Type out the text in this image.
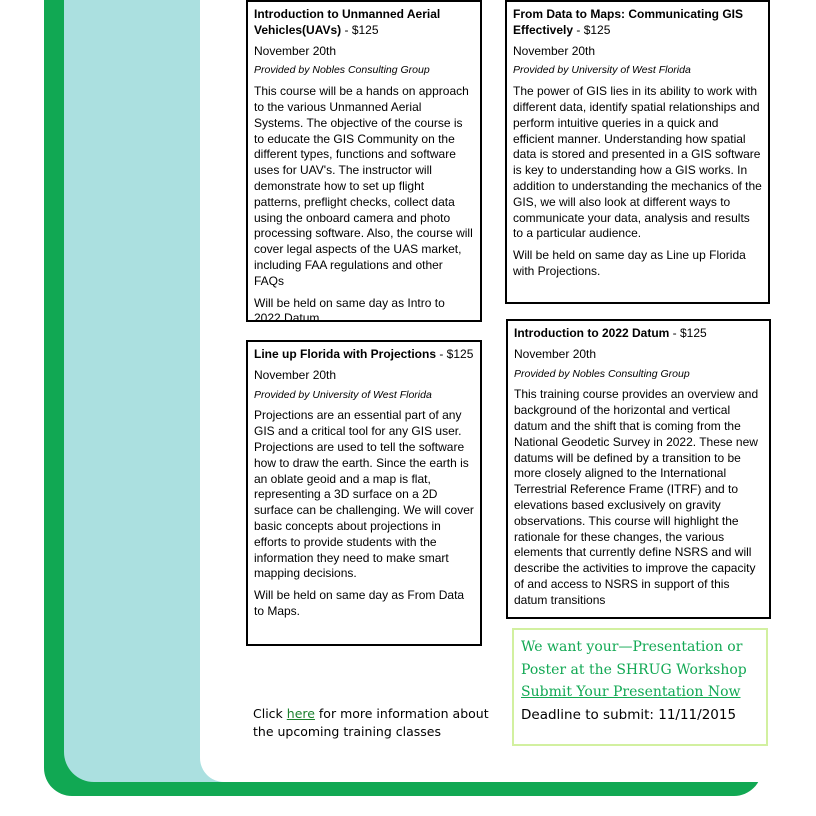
Introduction to Unmanned Aerial Vehicles(UAVs) - $125

November 20th

Provided by Nobles Consulting Group

This course will be a hands on approach to the various Unmanned Aerial Systems. The objective of the course is to educate the GIS Community on the different types, functions and software uses for UAV's. The instructor will demonstrate how to set up flight patterns, preflight checks, collect data using the onboard camera and photo processing software. Also, the course will cover legal aspects of the UAS market, including FAA regulations and other FAQs

Will be held on same day as Intro to 2022 Datum.

From Data to Maps: Communicating GIS Effectively - $125

November 20th

Provided by University of West Florida

The power of GIS lies in its ability to work with different data, identify spatial relationships and perform intuitive queries in a quick and efficient manner. Understanding how spatial data is stored and presented in a GIS software is key to understanding how a GIS works. In addition to understanding the mechanics of the GIS, we will also look at different ways to communicate your data, analysis and results to a particular audience.

Will be held on same day as Line up Florida with Projections.

Line up Florida with Projections - $125

November 20th

Provided by University of West Florida

Projections are an essential part of any GIS and a critical tool for any GIS user. Projections are used to tell the software how to draw the earth. Since the earth is an oblate geoid and a map is flat, representing a 3D surface on a 2D surface can be challenging. We will cover basic concepts about projections in efforts to provide students with the information they need to make smart mapping decisions.

Will be held on same day as From Data to Maps.

Introduction to 2022 Datum - $125

November 20th

Provided by Nobles Consulting Group

This training course provides an overview and background of the horizontal and vertical datum and the shift that is coming from the National Geodetic Survey in 2022. These new datums will be defined by a transition to be more closely aligned to the International Terrestrial Reference Frame (ITRF) and to elevations based exclusively on gravity observations. This course will highlight the rationale for these changes, the various elements that currently define NSRS and will describe the activities to improve the capacity of and access to NSRS in support of this datum transitions

We want your—Presentation or
Poster at the SHRUG Workshop
Submit Your Presentation Now
Deadline to submit: 11/11/2015
Click here for more information about the upcoming training classes
